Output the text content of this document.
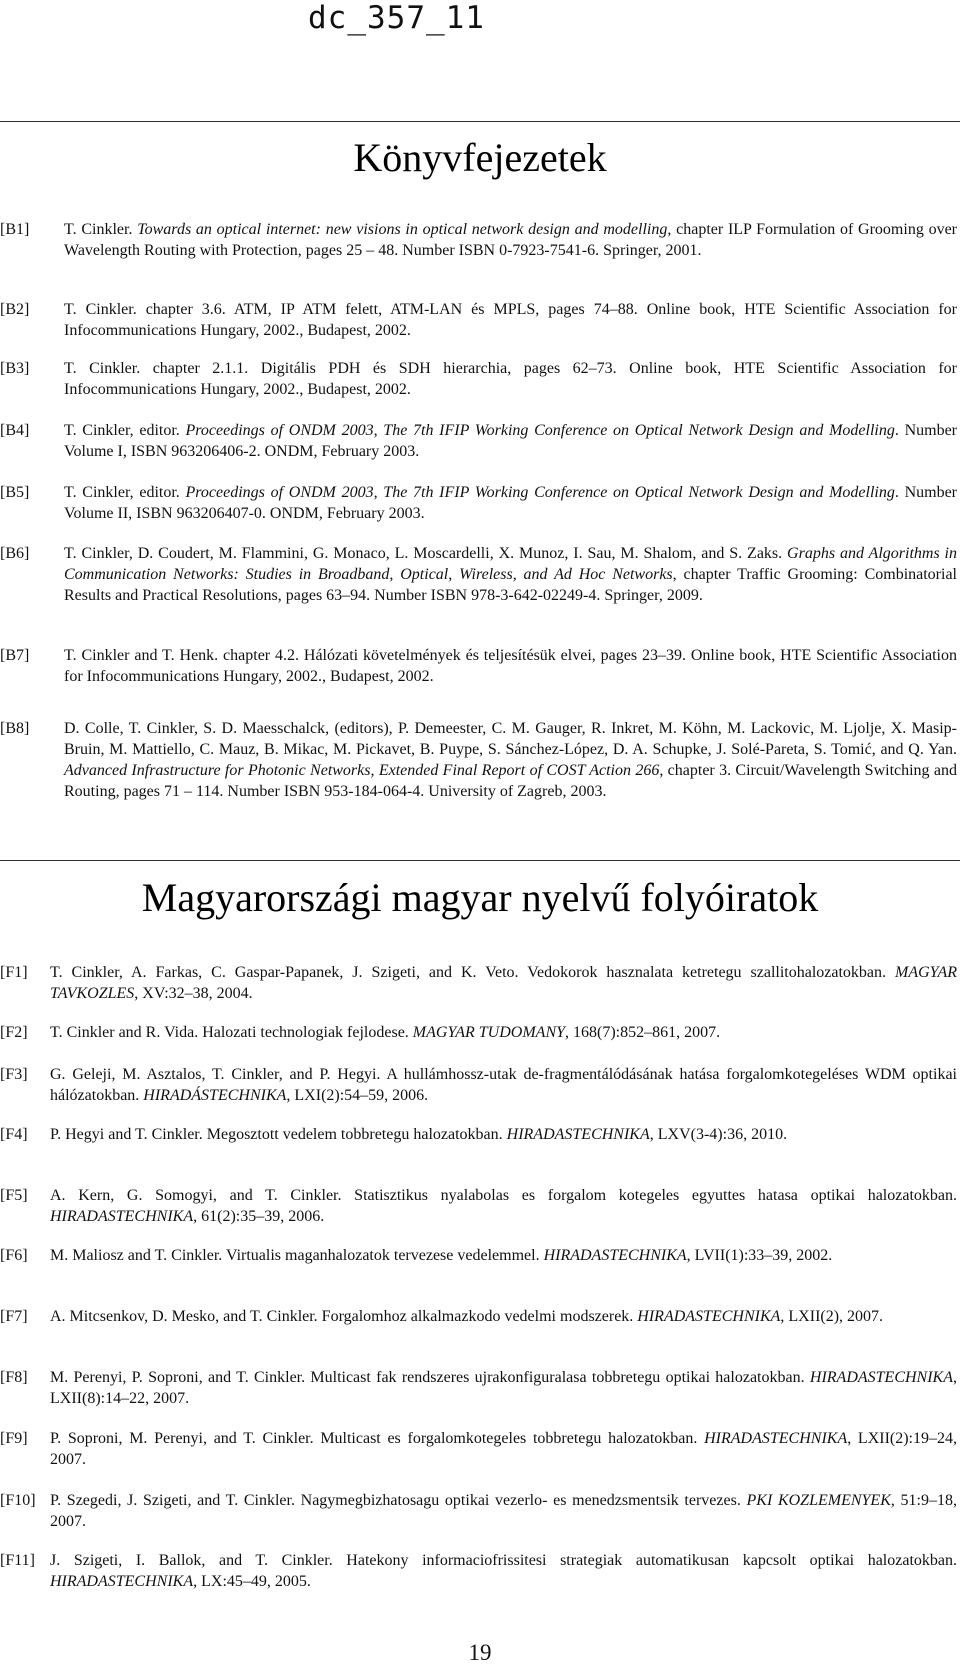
dc_357_11
Könyvfejezetek
[B1] T. Cinkler. Towards an optical internet: new visions in optical network design and modelling, chapter ILP Formulation of Grooming over Wavelength Routing with Protection, pages 25 – 48. Number ISBN 0-7923-7541-6. Springer, 2001.
[B2] T. Cinkler. chapter 3.6. ATM, IP ATM felett, ATM-LAN és MPLS, pages 74–88. Online book, HTE Scientific Association for Infocommunications Hungary, 2002., Budapest, 2002.
[B3] T. Cinkler. chapter 2.1.1. Digitális PDH és SDH hierarchia, pages 62–73. Online book, HTE Scientific Association for Infocommunications Hungary, 2002., Budapest, 2002.
[B4] T. Cinkler, editor. Proceedings of ONDM 2003, The 7th IFIP Working Conference on Optical Network Design and Modelling. Number Volume I, ISBN 963206406-2. ONDM, February 2003.
[B5] T. Cinkler, editor. Proceedings of ONDM 2003, The 7th IFIP Working Conference on Optical Network Design and Modelling. Number Volume II, ISBN 963206407-0. ONDM, February 2003.
[B6] T. Cinkler, D. Coudert, M. Flammini, G. Monaco, L. Moscardelli, X. Munoz, I. Sau, M. Shalom, and S. Zaks. Graphs and Algorithms in Communication Networks: Studies in Broadband, Optical, Wireless, and Ad Hoc Networks, chapter Traffic Grooming: Combinatorial Results and Practical Resolutions, pages 63–94. Number ISBN 978-3-642-02249-4. Springer, 2009.
[B7] T. Cinkler and T. Henk. chapter 4.2. Hálózati követelmények és teljesítésük elvei, pages 23–39. Online book, HTE Scientific Association for Infocommunications Hungary, 2002., Budapest, 2002.
[B8] D. Colle, T. Cinkler, S. D. Maesschalck, (editors), P. Demeester, C. M. Gauger, R. Inkret, M. Köhn, M. Lackovic, M. Ljolje, X. Masip-Bruin, M. Mattiello, C. Mauz, B. Mikac, M. Pickavet, B. Puype, S. Sánchez-López, D. A. Schupke, J. Solé-Pareta, S. Tomić, and Q. Yan. Advanced Infrastructure for Photonic Networks, Extended Final Report of COST Action 266, chapter 3. Circuit/Wavelength Switching and Routing, pages 71 – 114. Number ISBN 953-184-064-4. University of Zagreb, 2003.
Magyarországi magyar nyelvű folyóiratok
[F1] T. Cinkler, A. Farkas, C. Gaspar-Papanek, J. Szigeti, and K. Veto. Vedokorok hasznalata ketretegu szallitohalozatokban. MAGYAR TAVKOZLES, XV:32–38, 2004.
[F2] T. Cinkler and R. Vida. Halozati technologiak fejlodese. MAGYAR TUDOMANY, 168(7):852–861, 2007.
[F3] G. Geleji, M. Asztalos, T. Cinkler, and P. Hegyi. A hullámhossz-utak de-fragmentálódásának hatása forgalomkotegeléses WDM optikai hálózatokban. HIRADÁSTECHNIKA, LXI(2):54–59, 2006.
[F4] P. Hegyi and T. Cinkler. Megosztott vedelem tobbretegu halozatokban. HIRADASTECHNIKA, LXV(3-4):36, 2010.
[F5] A. Kern, G. Somogyi, and T. Cinkler. Statisztikus nyalabolas es forgalom kotegeles egyuttes hatasa optikai halozatokban. HIRADASTECHNIKA, 61(2):35–39, 2006.
[F6] M. Maliosz and T. Cinkler. Virtualis maganhalozatok tervezese vedelemmel. HIRADASTECHNIKA, LVII(1):33–39, 2002.
[F7] A. Mitcsenkov, D. Mesko, and T. Cinkler. Forgalomhoz alkalmazkodo vedelmi modszerek. HIRADASTECHNIKA, LXII(2), 2007.
[F8] M. Perenyi, P. Soproni, and T. Cinkler. Multicast fak rendszeres ujrakonfiguralasa tobbretegu optikai halozatokban. HIRADASTECHNIKA, LXII(8):14–22, 2007.
[F9] P. Soproni, M. Perenyi, and T. Cinkler. Multicast es forgalomkotegeles tobbretegu halozatokban. HIRADASTECHNIKA, LXII(2):19–24, 2007.
[F10] P. Szegedi, J. Szigeti, and T. Cinkler. Nagymegbizhatosagu optikai vezerlo- es menedzsmentsik tervezes. PKI KOZLEMENYEK, 51:9–18, 2007.
[F11] J. Szigeti, I. Ballok, and T. Cinkler. Hatekony informaciofrissitesi strategiak automatikusan kapcsolt optikai halozatokban. HIRADASTECHNIKA, LX:45–49, 2005.
19
